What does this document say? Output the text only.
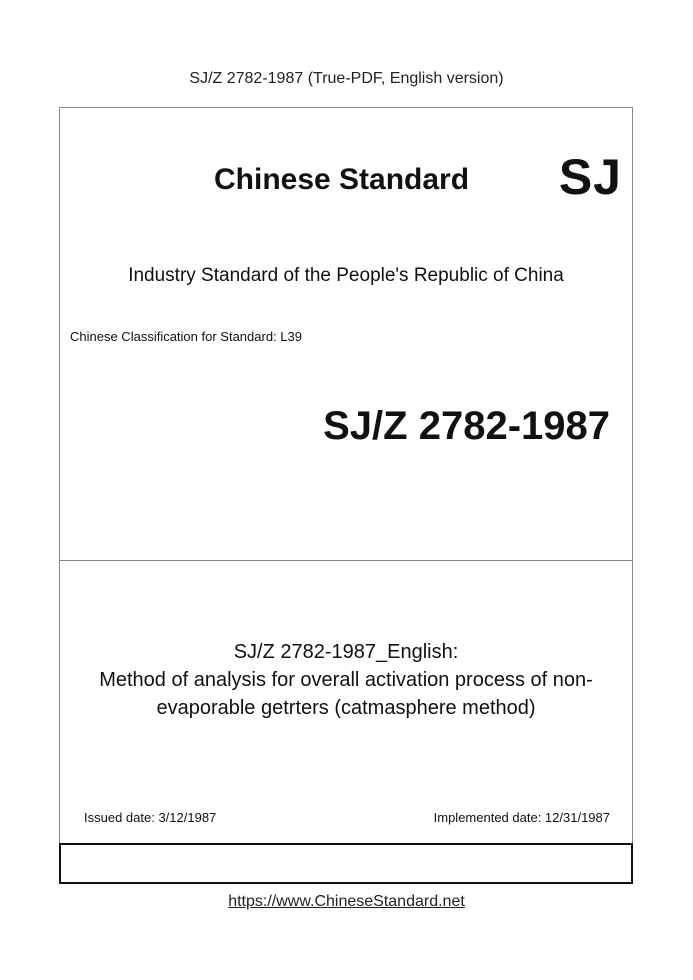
SJ/Z 2782-1987 (True-PDF, English version)
Chinese Standard SJ
Industry Standard of the People's Republic of China
Chinese Classification for Standard: L39
SJ/Z 2782-1987
SJ/Z 2782-1987_English:
Method of analysis for overall activation process of non-
evaporable getrters (catmasphere method)
Issued date: 3/12/1987	Implemented date: 12/31/1987
https://www.ChineseStandard.net
